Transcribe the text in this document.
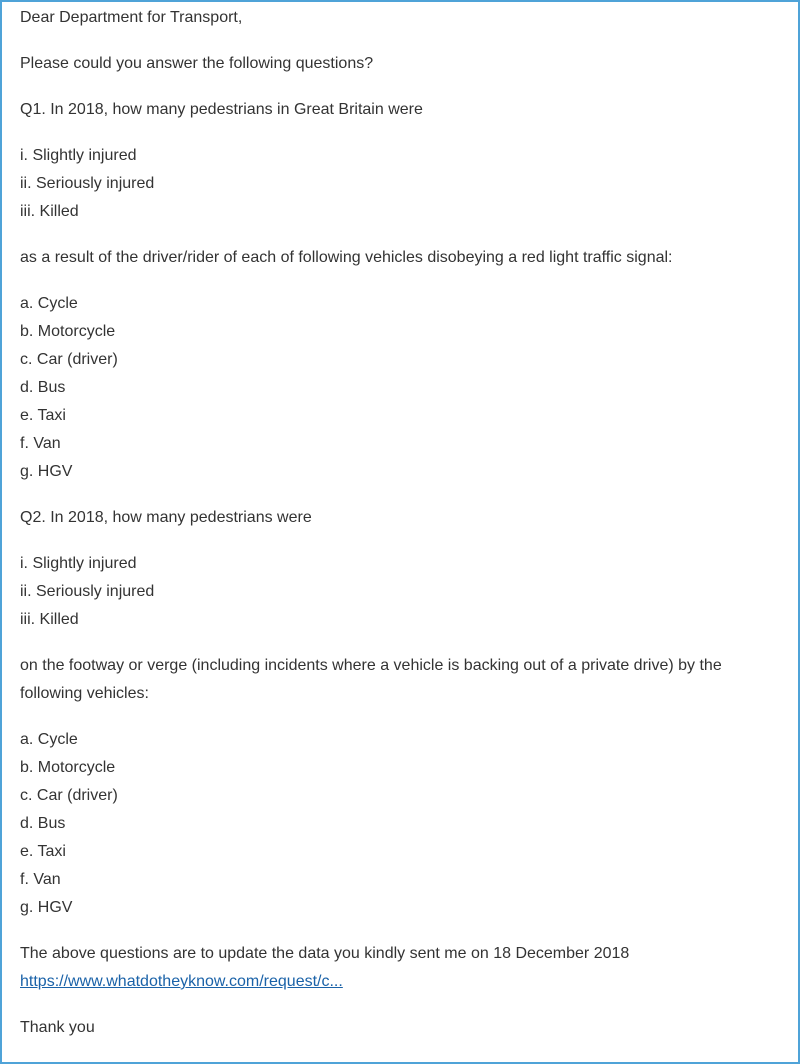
Dear Department for Transport,

Please could you answer the following questions?

Q1. In 2018, how many pedestrians in Great Britain were

i. Slightly injured
ii. Seriously injured
iii. Killed

as a result of the driver/rider of each of following vehicles disobeying a red light traffic signal:

a. Cycle
b. Motorcycle
c. Car (driver)
d. Bus
e. Taxi
f. Van
g. HGV

Q2. In 2018, how many pedestrians were

i. Slightly injured
ii. Seriously injured
iii. Killed
on the footway or verge (including incidents where a vehicle is backing out of a private drive) by the
following vehicles:
a. Cycle
b. Motorcycle
c. Car (driver)
d. Bus
e. Taxi
f. Van
g. HGV
The above questions are to update the data you kindly sent me on 18 December 2018
https://www.whatdotheyknow.com/request/c...

Thank you
